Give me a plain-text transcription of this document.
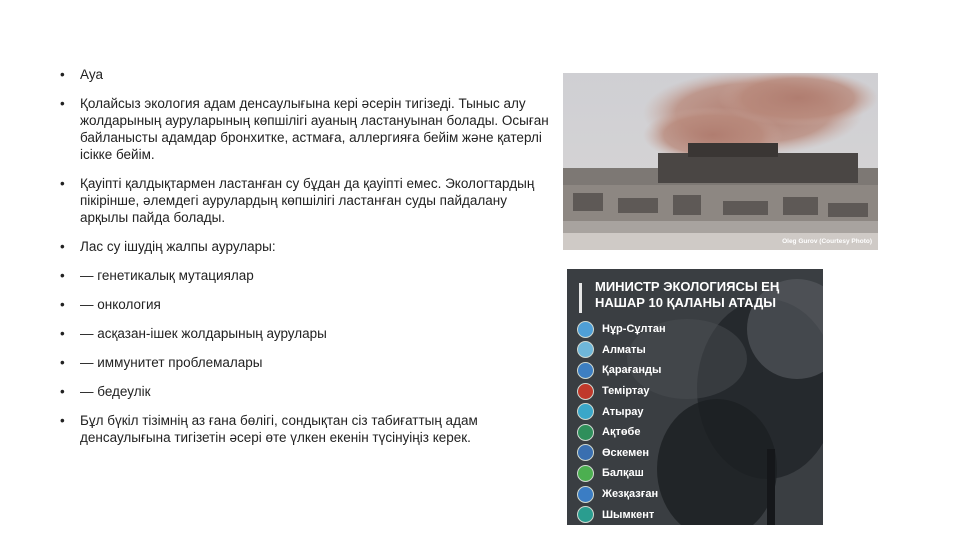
• Ауа
• Қолайсыз экология адам денсаулығына кері әсерін тигізеді. Тыныс алу жолдарының ауруларының көпшілігі ауаның ластануынан болады. Осыған байланысты адамдар бронхитке, астмаға, аллергияға бейім және қатерлі ісікке бейім.
• Қауіпті қалдықтармен ластанған су бұдан да қауіпті емес. Экологтардың пікірінше, әлемдегі аурулардың көпшілігі ластанған суды пайдалану арқылы пайда болады.
• Лас су ішудің жалпы аурулары:
• — генетикалық мутациялар
• — онкология
• — асқазан-ішек жолдарының аурулары
• — иммунитет проблемалары
• — бедеулік
• Бұл бүкіл тізімнің аз ғана бөлігі, сондықтан сіз табиғаттың адам денсаулығына тигізетін әсері өте үлкен екенін түсінуіңіз керек.
Oleg Gurov (Courtesy Photo)
МИНИСТР ЭКОЛОГИЯСЫ ЕҢ НАШАР 10 ҚАЛАНЫ АТАДЫ
Нұр-Сұлтан
Алматы
Қарағанды
Теміртау
Атырау
Ақтөбе
Өскемен
Балқаш
Жезқазған
Шымкент
